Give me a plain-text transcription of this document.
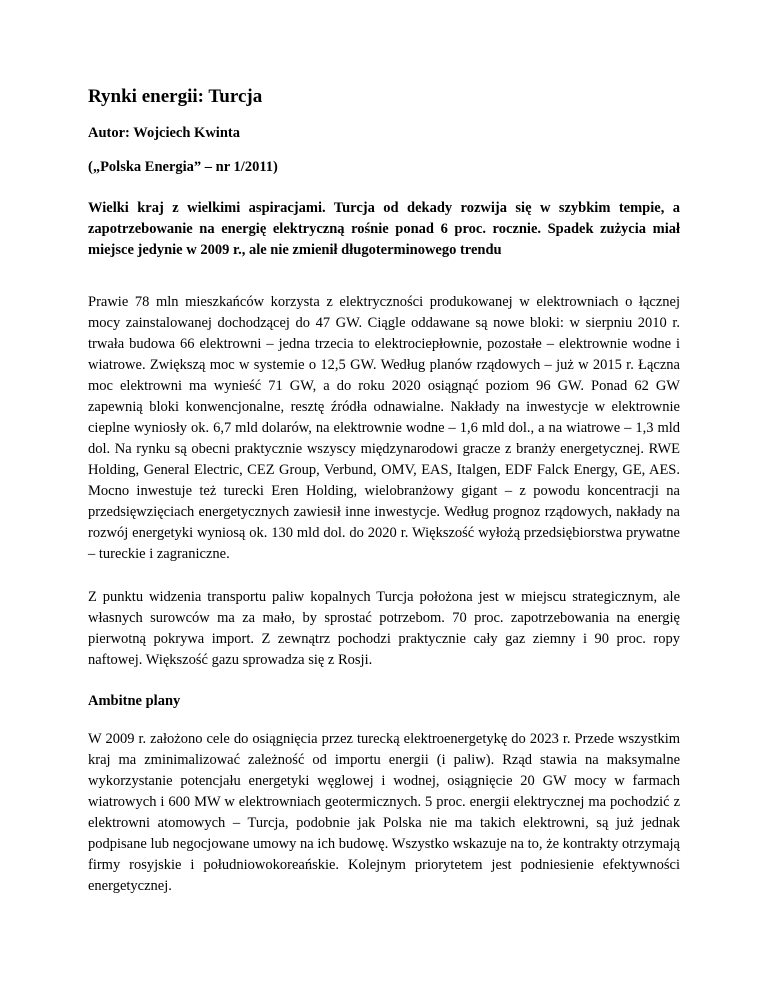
Rynki energii: Turcja

Autor: Wojciech Kwinta

(„Polska Energia” – nr 1/2011)

Wielki kraj z wielkimi aspiracjami. Turcja od dekady rozwija się w szybkim tempie, a zapotrzebowanie na energię elektryczną rośnie ponad 6 proc. rocznie. Spadek zużycia miał miejsce jedynie w 2009 r., ale nie zmienił długoterminowego trendu

Prawie 78 mln mieszkańców korzysta z elektryczności produkowanej w elektrowniach o łącznej mocy zainstalowanej dochodzącej do 47 GW. Ciągle oddawane są nowe bloki: w sierpniu 2010 r. trwała budowa 66 elektrowni – jedna trzecia to elektrociepłownie, pozostałe – elektrownie wodne i wiatrowe. Zwiększą moc w systemie o 12,5 GW. Według planów rządowych – już w 2015 r. Łączna moc elektrowni ma wynieść 71 GW, a do roku 2020 osiągnąć poziom 96 GW. Ponad 62 GW zapewnią bloki konwencjonalne, resztę źródła odnawialne. Nakłady na inwestycje w elektrownie cieplne wyniosły ok. 6,7 mld dolarów, na elektrownie wodne – 1,6 mld dol., a na wiatrowe – 1,3 mld dol. Na rynku są obecni praktycznie wszyscy międzynarodowi gracze z branży energetycznej. RWE Holding, General Electric, CEZ Group, Verbund, OMV, EAS, Italgen, EDF Falck Energy, GE, AES. Mocno inwestuje też turecki Eren Holding, wielobranżowy gigant – z powodu koncentracji na przedsięwzięciach energetycznych zawiesił inne inwestycje. Według prognoz rządowych, nakłady na rozwój energetyki wyniosą ok. 130 mld dol. do 2020 r. Większość wyłożą przedsiębiorstwa prywatne – tureckie i zagraniczne.

Z punktu widzenia transportu paliw kopalnych Turcja położona jest w miejscu strategicznym, ale własnych surowców ma za mało, by sprostać potrzebom. 70 proc. zapotrzebowania na energię pierwotną pokrywa import. Z zewnątrz pochodzi praktycznie cały gaz ziemny i 90 proc. ropy naftowej. Większość gazu sprowadza się z Rosji.

Ambitne plany

W 2009 r. założono cele do osiągnięcia przez turecką elektroenergetykę do 2023 r. Przede wszystkim kraj ma zminimalizować zależność od importu energii (i paliw). Rząd stawia na maksymalne wykorzystanie potencjału energetyki węglowej i wodnej, osiągnięcie 20 GW mocy w farmach wiatrowych i 600 MW w elektrowniach geotermicznych. 5 proc. energii elektrycznej ma pochodzić z elektrowni atomowych – Turcja, podobnie jak Polska nie ma takich elektrowni, są już jednak podpisane lub negocjowane umowy na ich budowę. Wszystko wskazuje na to, że kontrakty otrzymają firmy rosyjskie i południowokoreańskie. Kolejnym priorytetem jest podniesienie efektywności energetycznej.
